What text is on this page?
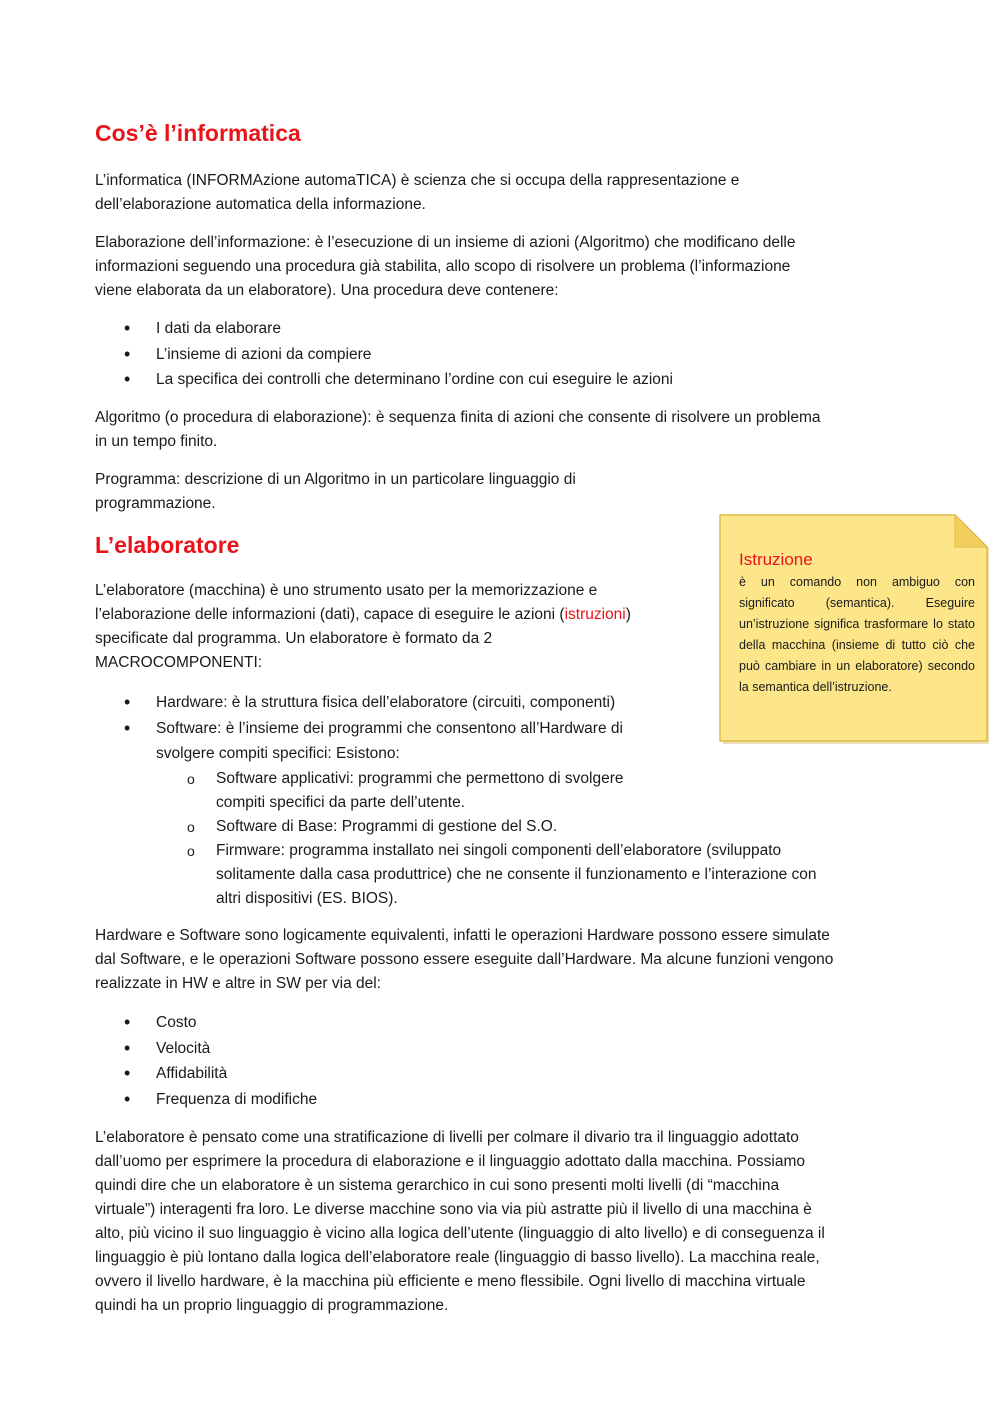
Cos’è l’informatica

L’informatica (INFORMAzione automaTICA) è scienza che si occupa della rappresentazione e
dell’elaborazione automatica della informazione.

Elaborazione dell’informazione: è l’esecuzione di un insieme di azioni (Algoritmo) che modificano delle
informazioni seguendo una procedura già stabilita, allo scopo di risolvere un problema (l’informazione
viene elaborata da un elaboratore). Una procedura deve contenere:

• I dati da elaborare
• L’insieme di azioni da compiere
• La specifica dei controlli che determinano l’ordine con cui eseguire le azioni

Algoritmo (o procedura di elaborazione): è sequenza finita di azioni che consente di risolvere un problema
in un tempo finito.

Programma: descrizione di un Algoritmo in un particolare linguaggio di
programmazione.

L’elaboratore

L’elaboratore (macchina) è uno strumento usato per la memorizzazione e
l’elaborazione delle informazioni (dati), capace di eseguire le azioni (istruzioni)
specificate dal programma. Un elaboratore è formato da 2
MACROCOMPONENTI:

• Hardware: è la struttura fisica dell’elaboratore (circuiti, componenti)
• Software: è l’insieme dei programmi che consentono all’Hardware di
svolgere compiti specifici: Esistono:
o Software applicativi: programmi che permettono di svolgere
compiti specifici da parte dell’utente.
o Software di Base: Programmi di gestione del S.O.
o Firmware: programma installato nei singoli componenti dell’elaboratore (sviluppato
solitamente dalla casa produttrice) che ne consente il funzionamento e l’interazione con
altri dispositivi (ES. BIOS).

Hardware e Software sono logicamente equivalenti, infatti le operazioni Hardware possono essere simulate
dal Software, e le operazioni Software possono essere eseguite dall’Hardware. Ma alcune funzioni vengono
realizzate in HW e altre in SW per via del:

• Costo
• Velocità
• Affidabilità
• Frequenza di modifiche

L’elaboratore è pensato come una stratificazione di livelli per colmare il divario tra il linguaggio adottato
dall’uomo per esprimere la procedura di elaborazione e il linguaggio adottato dalla macchina. Possiamo
quindi dire che un elaboratore è un sistema gerarchico in cui sono presenti molti livelli (di “macchina
virtuale”) interagenti fra loro. Le diverse macchine sono via via più astratte più il livello di una macchina è
alto, più vicino il suo linguaggio è vicino alla logica dell’utente (linguaggio di alto livello) e di conseguenza il
linguaggio è più lontano dalla logica dell’elaboratore reale (linguaggio di basso livello). La macchina reale,
ovvero il livello hardware, è la macchina più efficiente e meno flessibile. Ogni livello di macchina virtuale
quindi ha un proprio linguaggio di programmazione.

Istruzione

è un comando non ambiguo con significato (semantica). Eseguire un’istruzione significa trasformare lo stato della macchina (insieme di tutto ciò che può cambiare in un elaboratore) secondo la semantica dell’istruzione.
